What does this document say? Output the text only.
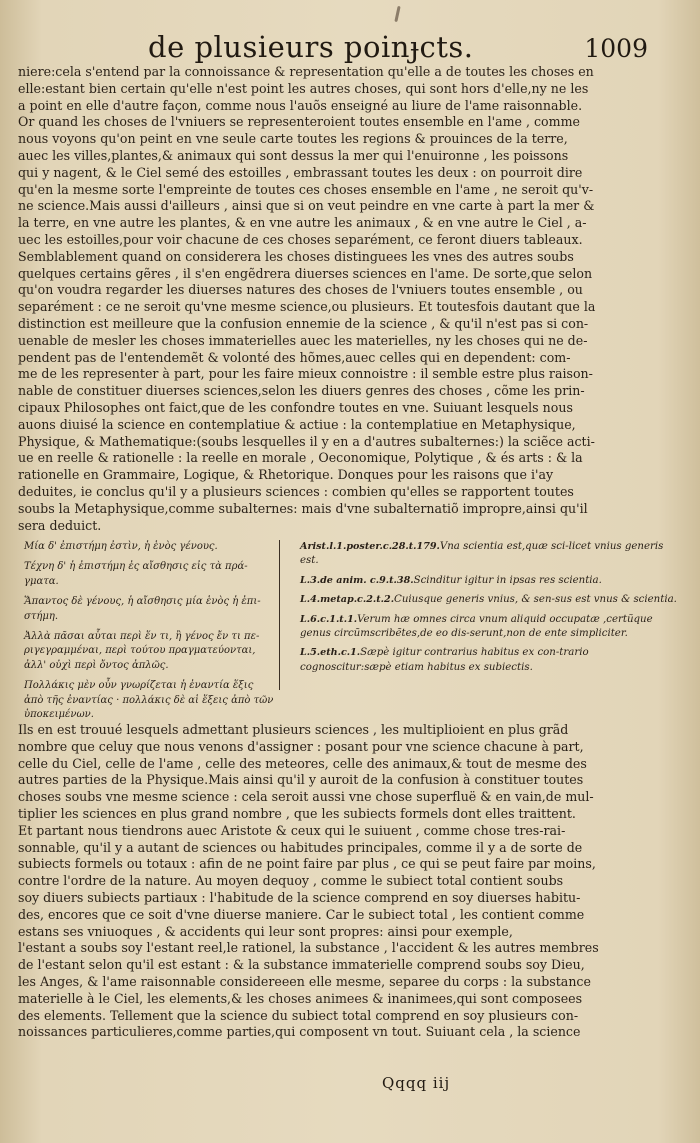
de plusieurs poinɟcts.	1009
niere:cela s'entend par la connoissance & representation qu'elle a de toutes les choses en
elle:estant bien certain qu'elle n'est point les autres choses, qui sont hors d'elle,ny ne les
a point en elle d'autre façon, comme nous l'auõs enseigné au liure de l'ame raisonnable.
Or quand les choses de l'vniuers se representeroient toutes ensemble en l'ame , comme
nous voyons qu'on peint en vne seule carte toutes les regions & prouinces de la terre,
auec les villes,plantes,& animaux qui sont dessus la mer qui l'enuironne , les poissons
qui y nagent, & le Ciel semé des estoilles , embrassant toutes les deux : on pourroit dire
qu'en la mesme sorte l'empreinte de toutes ces choses ensemble en l'ame , ne seroit qu'v-
ne science.Mais aussi d'ailleurs , ainsi que si on veut peindre en vne carte à part la mer &
la terre, en vne autre les plantes, & en vne autre les animaux , & en vne autre le Ciel , a-
uec les estoilles,pour voir chacune de ces choses separément, ce feront diuers tableaux.
Semblablement quand on considerera les choses distinguees les vnes des autres soubs
quelques certains gẽres , il s'en engẽdrera diuerses sciences en l'ame. De sorte,que selon
qu'on voudra regarder les diuerses natures des choses de l'vniuers toutes ensemble , ou
separément : ce ne seroit qu'vne mesme science,ou plusieurs. Et toutesfois dautant que la
distinction est meilleure que la confusion ennemie de la science , & qu'il n'est pas si con-
uenable de mesler les choses immaterielles auec les materielles, ny les choses qui ne de-
pendent pas de l'entendemẽt & volonté des hõmes,auec celles qui en dependent: com-
me de les representer à part, pour les faire mieux connoistre : il semble estre plus raison-
nable de constituer diuerses sciences,selon les diuers genres des choses , cõme les prin-
cipaux Philosophes ont faict,que de les confondre toutes en vne. Suiuant lesquels nous
auons diuisé la science en contemplatiue & actiue : la contemplatiue en Metaphysique,
Physique, & Mathematique:(soubs lesquelles il y en a d'autres subalternes:) la sciẽce acti-
ue en reelle & rationelle : la reelle en morale , Oeconomique, Polytique , & és arts : & la
rationelle en Grammaire, Logique, & Rhetorique. Donques pour les raisons que i'ay
deduites, ie conclus qu'il y a plusieurs sciences : combien qu'elles se rapportent toutes
soubs la Metaphysique,comme subalternes: mais d'vne subalternatiõ impropre,ainsi qu'il
sera deduict.

Μία δ' ἐπιστήμη ἐστὶν, ἡ ἑνὸς γένους.

Τέχνη δ' ἡ ἐπιστήμη ἐς αἴσθησις εἰς τὰ πρά-γματα.

Ἅπαντος δὲ γένους, ἡ αἴσθησις μία ἑνὸς ἡ ἐπι-στήμη.

Ἀλλὰ πᾶσαι αὗται περὶ ἕν τι, ἢ γένος ἔν τι πε-ριγεγραμμέναι, περὶ τούτου πραγματεύονται, ἀλλ' οὐχὶ περὶ ὄντος ἁπλῶς.

Πολλάκις μὲν οὖν γνωρίζεται ἡ ἐναντία ἕξις ἀπὸ τῆς ἐναντίας · πολλάκις δὲ αἱ ἕξεις ἀπὸ τῶν ὑποκειμένων.

Arist.l.1.poster.c.28.t.179.Vna scientia est,quæ sci-licet vnius generis est.

L.3.de anim. c.9.t.38.Scinditur igitur in ipsas res scientia.

L.4.metap.c.2.t.2.Cuiusque generis vnius, & sen-sus est vnus & scientia.

L.6.c.1.t.1.Verum hæ omnes circa vnum aliquid occupatæ ,certũque genus circũmscribẽtes,de eo dis-serunt,non de ente simpliciter.

L.5.eth.c.1.Sæpè igitur contrarius habitus ex con-trario cognoscitur:sæpè etiam habitus ex subiectis.

Ils en est trouué lesquels admettant plusieurs sciences , les multiplioient en plus grãd
nombre que celuy que nous venons d'assigner : posant pour vne science chacune à part,
celle du Ciel, celle de l'ame , celle des meteores, celle des animaux,& tout de mesme des
autres parties de la Physique.Mais ainsi qu'il y auroit de la confusion à constituer toutes
choses soubs vne mesme science : cela seroit aussi vne chose superfluë & en vain,de mul-
tiplier les sciences en plus grand nombre , que les subiects formels dont elles traittent.
Et partant nous tiendrons auec Aristote & ceux qui le suiuent , comme chose tres-rai-
sonnable, qu'il y a autant de sciences ou habitudes principales, comme il y a de sorte de
subiects formels ou totaux : afin de ne point faire par plus , ce qui se peut faire par moins,
contre l'ordre de la nature. Au moyen dequoy , comme le subiect total contient soubs
soy diuers subiects partiaux : l'habitude de la science comprend en soy diuerses habitu-
des, encores que ce soit d'vne diuerse maniere. Car le subiect total , les contient comme
estans ses vniuoques , & accidents qui leur sont propres: ainsi pour exemple,
l'estant a soubs soy l'estant reel,le rationel, la substance , l'accident & les autres membres
de l'estant selon qu'il est estant : & la substance immaterielle comprend soubs soy Dieu,
les Anges, & l'ame raisonnable considereeen elle mesme, separee du corps : la substance
materielle à le Ciel, les elements,& les choses animees & inanimees,qui sont composees
des elements. Tellement que la science du subiect total comprend en soy plusieurs con-
noissances particulieres,comme parties,qui composent vn tout. Suiuant cela , la science
Qqqq iij
